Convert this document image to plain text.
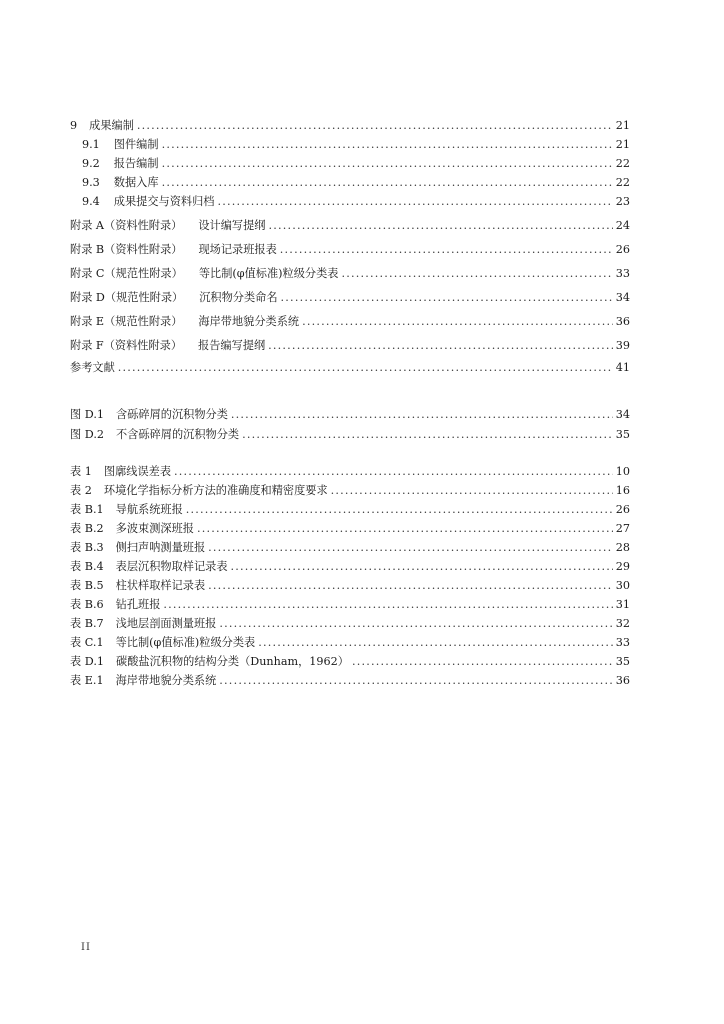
9 成果编制 .....	21
9.1 图件编制 .....	21
9.2 报告编制 .....	22
9.3 数据入库 .....	22
9.4 成果提交与资料归档 .....	23
附录 A（资料性附录） 设计编写提纲 .....	24
附录 B（资料性附录） 现场记录班报表 .....	26
附录 C（规范性附录） 等比制(φ值标准)粒级分类表 .....	33
附录 D（规范性附录） 沉积物分类命名 .....	34
附录 E（规范性附录） 海岸带地貌分类系统 .....	36
附录 F（资料性附录） 报告编写提纲 .....	39
参考文献 .....	41
图 D.1 含砾碎屑的沉积物分类 .....	34
图 D.2 不含砾碎屑的沉积物分类 .....	35
表 1 图廓线误差表 .....	10
表 2 环境化学指标分析方法的准确度和精密度要求 .....	16
表 B.1 导航系统班报 .....	26
表 B.2 多波束测深班报 .....	27
表 B.3 侧扫声呐测量班报 .....	28
表 B.4 表层沉积物取样记录表 .....	29
表 B.5 柱状样取样记录表 .....	30
表 B.6 钻孔班报 .....	31
表 B.7 浅地层剖面测量班报 .....	32
表 C.1 等比制(φ值标准)粒级分类表 .....	33
表 D.1 碳酸盐沉积物的结构分类（Dunham，1962） .....	35
表 E.1 海岸带地貌分类系统 .....	36
II
